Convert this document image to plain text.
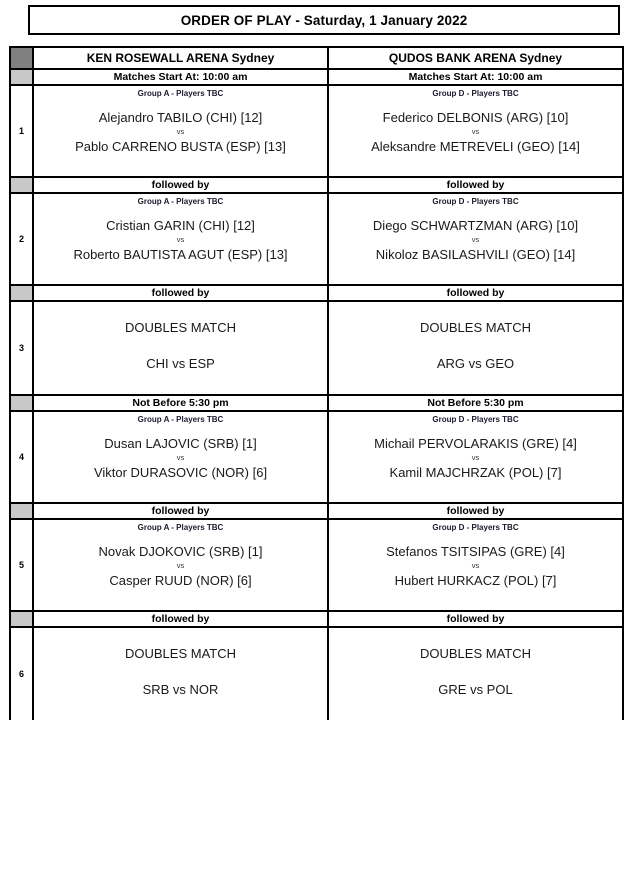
ORDER OF PLAY - Saturday, 1 January 2022

	KEN ROSEWALL ARENA Sydney	QUDOS BANK ARENA Sydney

	Matches Start At: 10:00 am	Matches Start At: 10:00 am

1	
Group A - Players TBC
Alejandro TABILO (CHI) [12]
vs
Pablo CARRENO BUSTA (ESP) [13]

Group D - Players TBC
Federico DELBONIS (ARG) [10]
vs
Aleksandre METREVELI (GEO) [14]

	followed by	followed by

2	
Group A - Players TBC
Cristian GARIN (CHI) [12]
vs
Roberto BAUTISTA AGUT (ESP) [13]

Group D - Players TBC
Diego SCHWARTZMAN (ARG) [10]
vs
Nikoloz BASILASHVILI (GEO) [14]

	followed by	followed by

3	
DOUBLES MATCH
CHI vs ESP

DOUBLES MATCH
ARG vs GEO

	Not Before 5:30 pm	Not Before 5:30 pm

4	
Group A - Players TBC
Dusan LAJOVIC (SRB) [1]
vs
Viktor DURASOVIC (NOR) [6]

Group D - Players TBC
Michail PERVOLARAKIS (GRE) [4]
vs
Kamil MAJCHRZAK (POL) [7]

	followed by	followed by

5	
Group A - Players TBC
Novak DJOKOVIC (SRB) [1]
vs
Casper RUUD (NOR) [6]

Group D - Players TBC
Stefanos TSITSIPAS (GRE) [4]
vs
Hubert HURKACZ (POL) [7]

	followed by	followed by

6	
DOUBLES MATCH
SRB vs NOR

DOUBLES MATCH
GRE vs POL
